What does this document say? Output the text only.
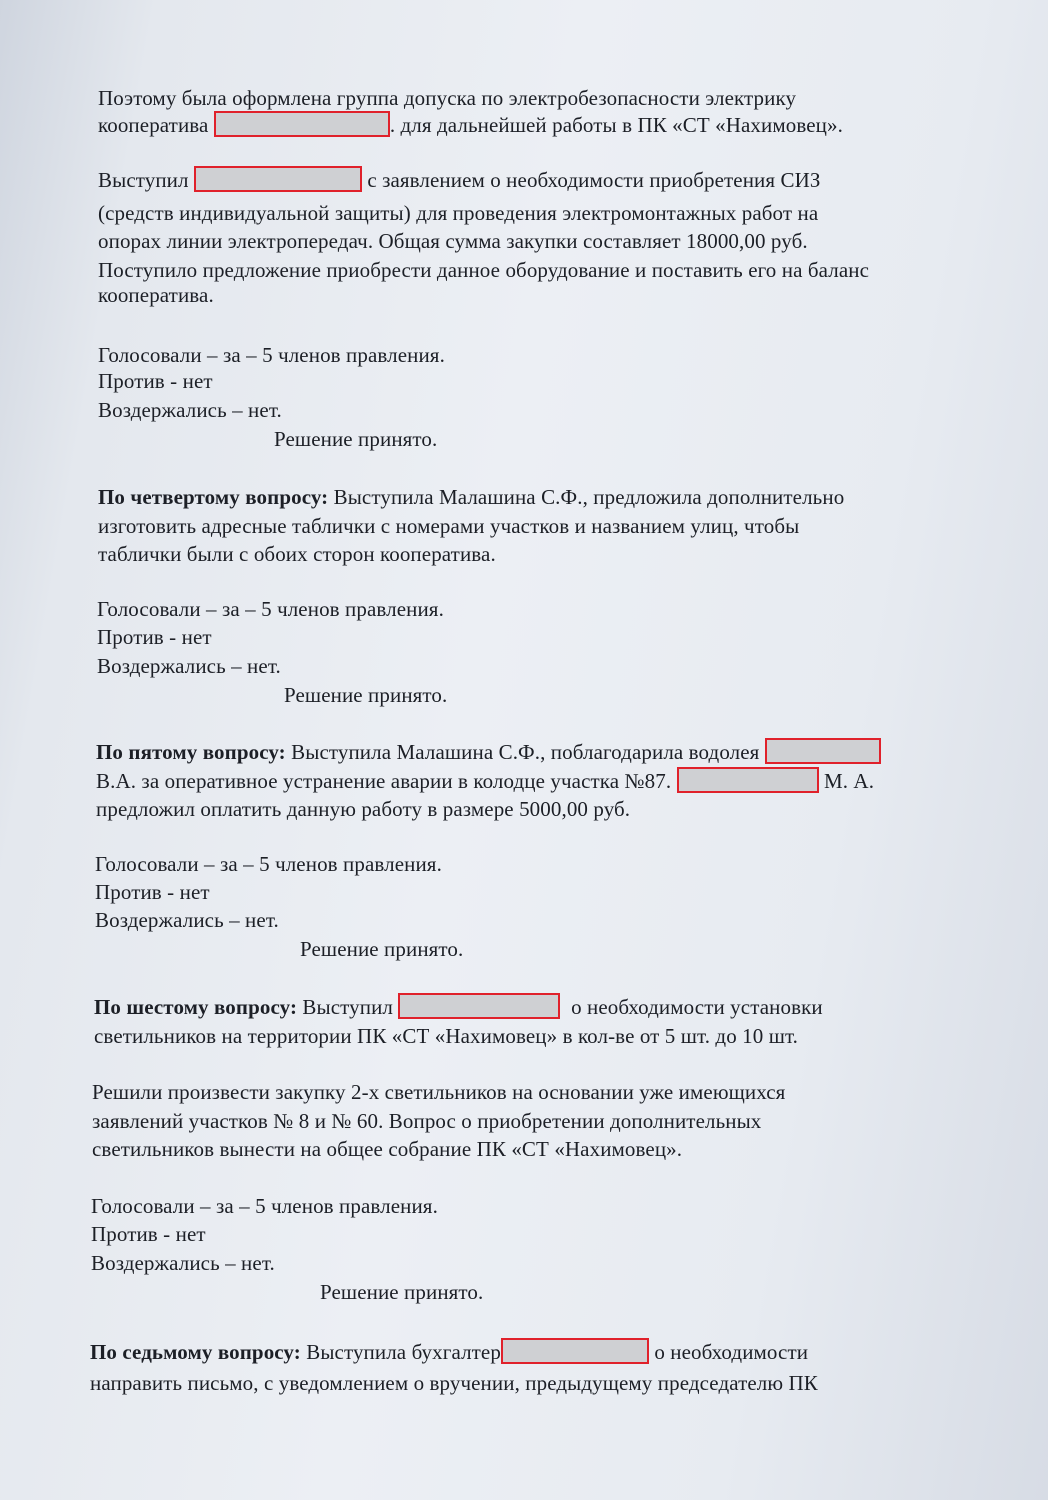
Поэтому была оформлена группа допуска по электробезопасности электрику
кооператива	. для дальнейшей работы в ПК «СТ «Нахимовец».
Выступил	с заявлением о необходимости приобретения СИЗ
(средств индивидуальной защиты) для проведения электромонтажных работ на
опорах линии электропередач. Общая сумма закупки составляет 18000,00 руб.
Поступило предложение приобрести данное оборудование и поставить его на баланс
кооператива.
Голосовали – за – 5 членов правления.
Против - нет
Воздержались – нет.
Решение принято.
По четвертому вопросу: Выступила Малашина С.Ф., предложила дополнительно
изготовить адресные таблички с номерами участков и названием улиц, чтобы
таблички были с обоих сторон кооператива.
Голосовали – за – 5 членов правления.
Против - нет
Воздержались – нет.
Решение принято.
По пятому вопросу: Выступила Малашина С.Ф., поблагодарила водолея
В.А. за оперативное устранение аварии в колодце участка №87.	М. А.
предложил оплатить данную работу в размере 5000,00 руб.
Голосовали – за – 5 членов правления.
Против - нет
Воздержались – нет.
Решение принято.
По шестому вопросу: Выступил	о необходимости установки
светильников на территории ПК «СТ «Нахимовец» в кол-ве от 5 шт. до 10 шт.
Решили произвести закупку 2-х светильников на основании уже имеющихся
заявлений участков № 8 и № 60. Вопрос о приобретении дополнительных
светильников вынести на общее собрание ПК «СТ «Нахимовец».
Голосовали – за – 5 членов правления.
Против - нет
Воздержались – нет.
Решение принято.
По седьмому вопросу: Выступила бухгалтер	о необходимости
направить письмо, с уведомлением о вручении, предыдущему председателю ПК
